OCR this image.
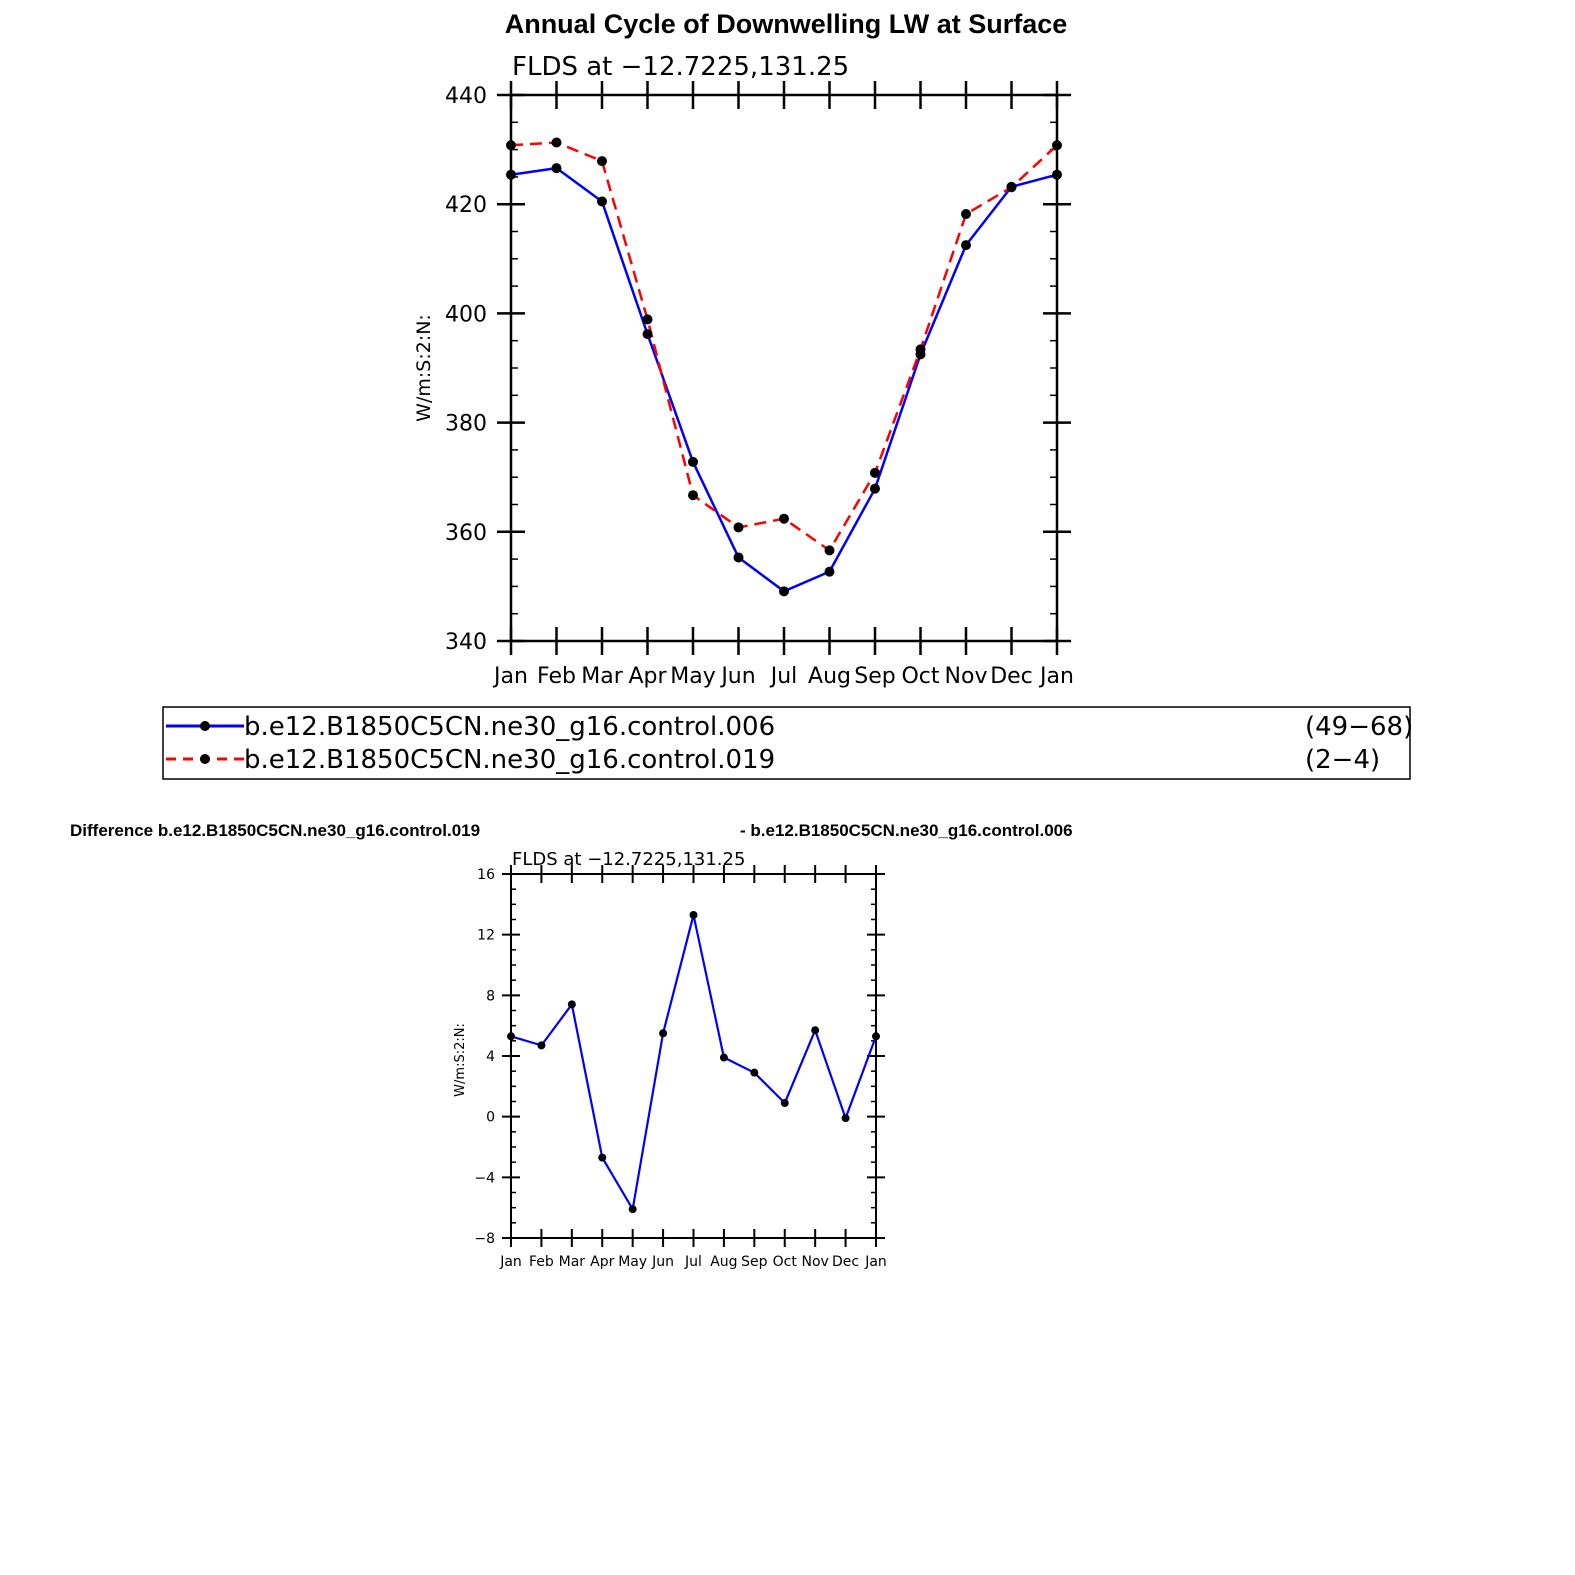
Annual Cycle of Downwelling LW at Surface
FLDS at −12.7225,131.25
W/m:S:2:N:
Jan Feb Mar Apr May Jun Jul Aug Sep Oct Nov Dec Jan
340
360
380
400
420
440
b.e12.B1850C5CN.ne30_g16.control.006	(49−68)
b.e12.B1850C5CN.ne30_g16.control.019	(2−4)
Difference b.e12.B1850C5CN.ne30_g16.control.019	- b.e12.B1850C5CN.ne30_g16.control.006
FLDS at −12.7225,131.25
W/m:S:2:N:
Jan Feb Mar Apr May Jun Jul Aug Sep Oct Nov Dec Jan
−8
−4
0
4
8
12
16
